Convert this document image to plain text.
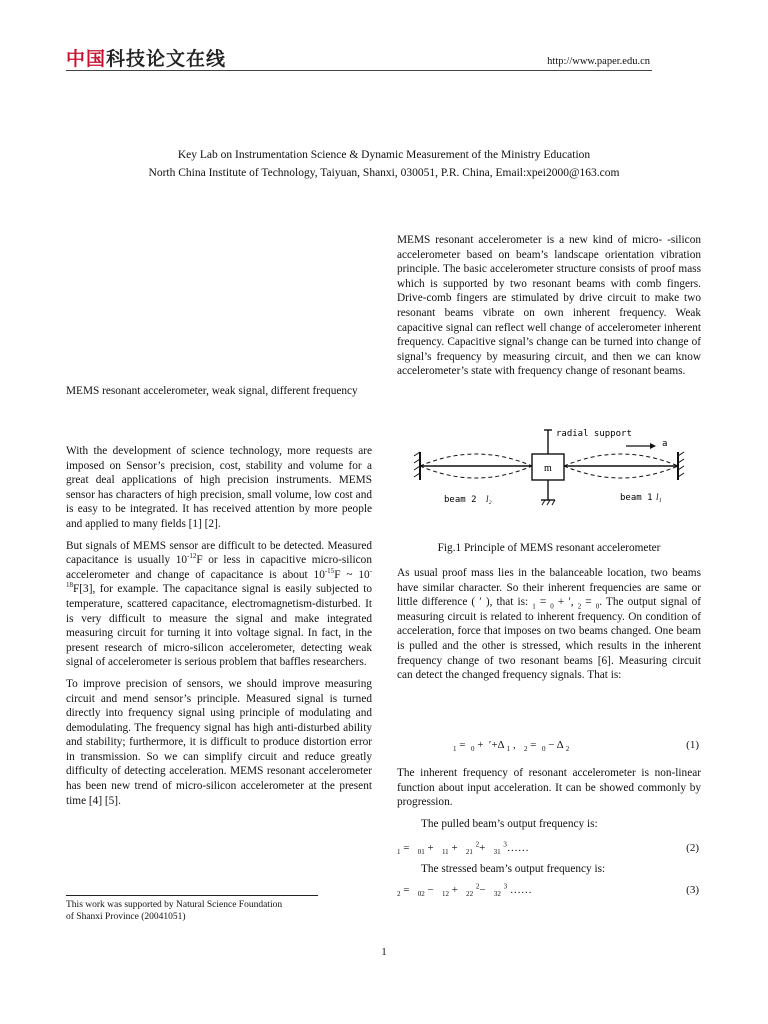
中国科技论文在线	http://www.paper.edu.cn
Key Lab on Instrumentation Science & Dynamic Measurement of the Ministry Education
North China Institute of Technology, Taiyuan, Shanxi, 030051, P.R. China, Email:xpei2000@163.com

MEMS resonant accelerometer, weak signal, different frequency

With the development of science technology, more requests are imposed on Sensor’s precision, cost, stability and volume for a great deal applications of high precision instruments. MEMS sensor has characters of high precision, small volume, low cost and is easy to be integrated. It has received attention by more people and applied to many fields [1] [2].

But signals of MEMS sensor are difficult to be detected. Measured capacitance is usually $10^{-12}F$ or less in capacitive micro-silicon accelerometer and change of capacitance is about $10^{-15}F$ ~ $10^{-18}F[3]$, for example. The capacitance signal is easily subjected to temperature, scattered capacitance, electromagnetism-disturbed. It is very difficult to measure the signal and make integrated measuring circuit for turning it into voltage signal. In fact, in the present research of micro-silicon accelerometer, detecting weak signal of accelerometer is serious problem that baffles researchers.

To improve precision of sensors, we should improve measuring circuit and mend sensor’s principle. Measured signal is turned directly into frequency signal using principle of modulating and demodulating. The frequency signal has high anti-disturbed ability and stability; furthermore, it is difficult to produce distortion error in transmission. So we can simplify circuit and reduce greatly difficulty of detecting acceleration. MEMS resonant accelerometer has been new trend of micro-silicon accelerometer at the present time [4] [5].

This work was supported by Natural Science Foundation
of Shanxi Province (20041051)

MEMS resonant accelerometer is a new kind of micro- -silicon accelerometer based on beam’s landscape orientation vibration principle. The basic accelerometer structure consists of proof mass which is supported by two resonant beams with comb fingers. Drive-comb fingers are stimulated by drive circuit to make two resonant beams vibrate on own inherent frequency. Weak capacitive signal can reflect well change of accelerometer inherent frequency. Capacitive signal’s change can be turned into change of signal’s frequency by measuring circuit, and then we can know accelerometer’s state with frequency change of resonant beams.

m
radial support
a
beam 2 l₂	beam 1 l₁
Fig.1 Principle of MEMS resonant accelerometer

As usual proof mass lies in the balanceable location, two beams have similar character. So their inherent frequencies are same or little difference ( ′ ), that is: $_1$ = $_0$ + ′, $_2$ = $_0$. The output signal of measuring circuit is related to inherent frequency. On condition of acceleration, force that imposes on two beams changed. One beam is pulled and the other is stressed, which results in the inherent frequency change of two resonant beams [6]. Measuring circuit can detect the changed frequency signals. That is:

$_1$ =  $_0$ +  ′+Δ $_1$ ,   $_2$ =  $_0$ − Δ $_2$	(1)

The inherent frequency of resonant accelerometer is non-linear function about input acceleration. It can be showed commonly by progression.

The pulled beam’s output frequency is:

$_1$ =   $_{01}$ +   $_{11}$ +   $_{21}$ $^2$+   $_{31}$ $^3$……	(2)

The stressed beam’s output frequency is:

$_2$ =   $_{02}$ −   $_{12}$ +   $_{22}$ $^2$−   $_{32}$ $^3$ ……	(3)
1
